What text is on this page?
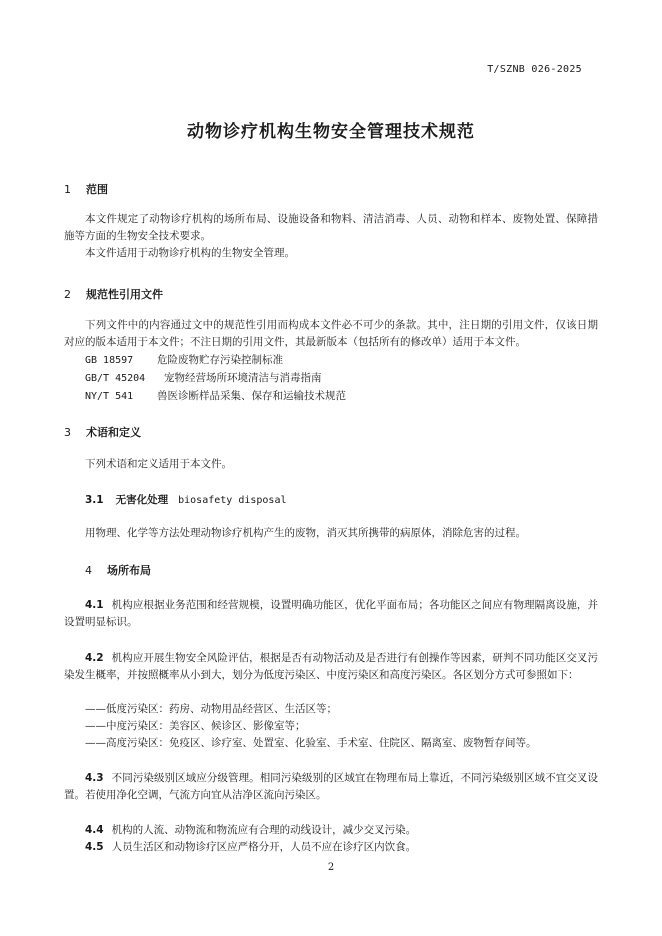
T/SZNB 026-2025
动物诊疗机构生物安全管理技术规范
1 范围
本文件规定了动物诊疗机构的场所布局、设施设备和物料、清洁消毒、人员、动物和样本、废物处置、保障措施等方面的生物安全技术要求。
本文件适用于动物诊疗机构的生物安全管理。
2 规范性引用文件
下列文件中的内容通过文中的规范性引用而构成本文件必不可少的条款。其中，注日期的引用文件，仅该日期对应的版本适用于本文件；不注日期的引用文件，其最新版本（包括所有的修改单）适用于本文件。
GB 18597 危险废物贮存污染控制标准
GB/T 45204 宠物经营场所环境清洁与消毒指南
NY/T 541 兽医诊断样品采集、保存和运输技术规范
3 术语和定义
下列术语和定义适用于本文件。
3.1 无害化处理 biosafety disposal
用物理、化学等方法处理动物诊疗机构产生的废物，消灭其所携带的病原体，消除危害的过程。
4 场所布局
4.1 机构应根据业务范围和经营规模，设置明确功能区，优化平面布局；各功能区之间应有物理隔离设施，并设置明显标识。
4.2 机构应开展生物安全风险评估，根据是否有动物活动及是否进行有创操作等因素，研判不同功能区交叉污染发生概率，并按照概率从小到大，划分为低度污染区、中度污染区和高度污染区。各区划分方式可参照如下：
——低度污染区：药房、动物用品经营区、生活区等；
——中度污染区：美容区、候诊区、影像室等；
——高度污染区：免疫区、诊疗室、处置室、化验室、手术室、住院区、隔离室、废物暂存间等。
4.3 不同污染级别区域应分级管理。相同污染级别的区域宜在物理布局上靠近，不同污染级别区域不宜交叉设置。若使用净化空调，气流方向宜从洁净区流向污染区。
4.4 机构的人流、动物流和物流应有合理的动线设计，减少交叉污染。
4.5 人员生活区和动物诊疗区应严格分开，人员不应在诊疗区内饮食。
2
